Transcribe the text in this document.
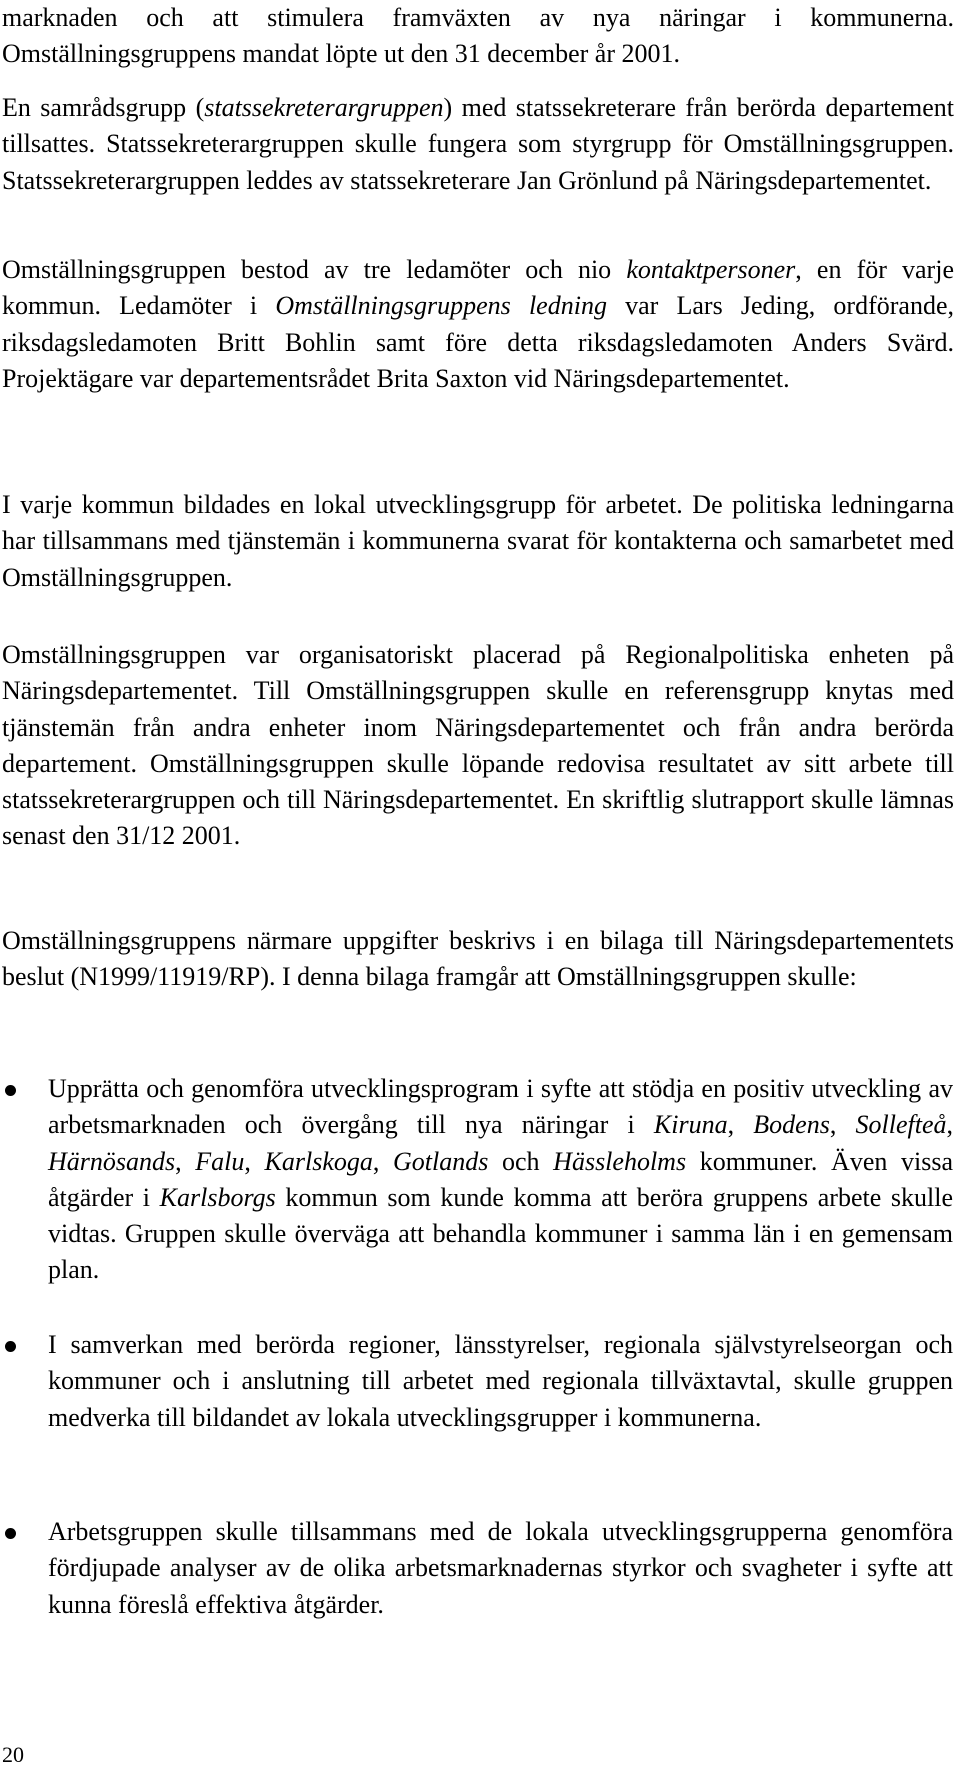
marknaden och att stimulera framväxten av nya näringar i kommunerna. Omställningsgruppens mandat löpte ut den 31 december år 2001.

En samrådsgrupp (statssekreterargruppen) med statssekreterare från berörda departement tillsattes. Statssekreterargruppen skulle fungera som styrgrupp för Omställningsgruppen. Statssekreterargruppen leddes av statssekreterare Jan Grönlund på Näringsdepartementet.

Omställningsgruppen bestod av tre ledamöter och nio kontaktpersoner, en för varje kommun. Ledamöter i Omställningsgruppens ledning var Lars Jeding, ordförande, riksdagsledamoten Britt Bohlin samt före detta riksdagsledamoten Anders Svärd. Projektägare var departementsrådet Brita Saxton vid Näringsdepartementet.

I varje kommun bildades en lokal utvecklingsgrupp för arbetet. De politiska ledningarna har tillsammans med tjänstemän i kommunerna svarat för kontakterna och samarbetet med Omställningsgruppen.

Omställningsgruppen var organisatoriskt placerad på Regionalpolitiska enheten på Näringsdepartementet. Till Omställningsgruppen skulle en referensgrupp knytas med tjänstemän från andra enheter inom Näringsdepartementet och från andra berörda departement. Omställningsgruppen skulle löpande redovisa resultatet av sitt arbete till statssekreterargruppen och till Näringsdepartementet. En skriftlig slutrapport skulle lämnas senast den 31/12 2001.

Omställningsgruppens närmare uppgifter beskrivs i en bilaga till Näringsdepartementets beslut (N1999/11919/RP). I denna bilaga framgår att Omställningsgruppen skulle:

Upprätta och genomföra utvecklingsprogram i syfte att stödja en positiv utveckling av arbetsmarknaden och övergång till nya näringar i Kiruna, Bodens, Sollefteå, Härnösands, Falu, Karlskoga, Gotlands och Hässleholms kommuner. Även vissa åtgärder i Karlsborgs kommun som kunde komma att beröra gruppens arbete skulle vidtas. Gruppen skulle överväga att behandla kommuner i samma län i en gemensam plan.

I samverkan med berörda regioner, länsstyrelser, regionala självstyrelseorgan och kommuner och i anslutning till arbetet med regionala tillväxtavtal, skulle gruppen medverka till bildandet av lokala utvecklingsgrupper i kommunerna.

Arbetsgruppen skulle tillsammans med de lokala utvecklingsgrupperna genomföra fördjupade analyser av de olika arbetsmarknadernas styrkor och svagheter i syfte att kunna föreslå effektiva åtgärder.

20
